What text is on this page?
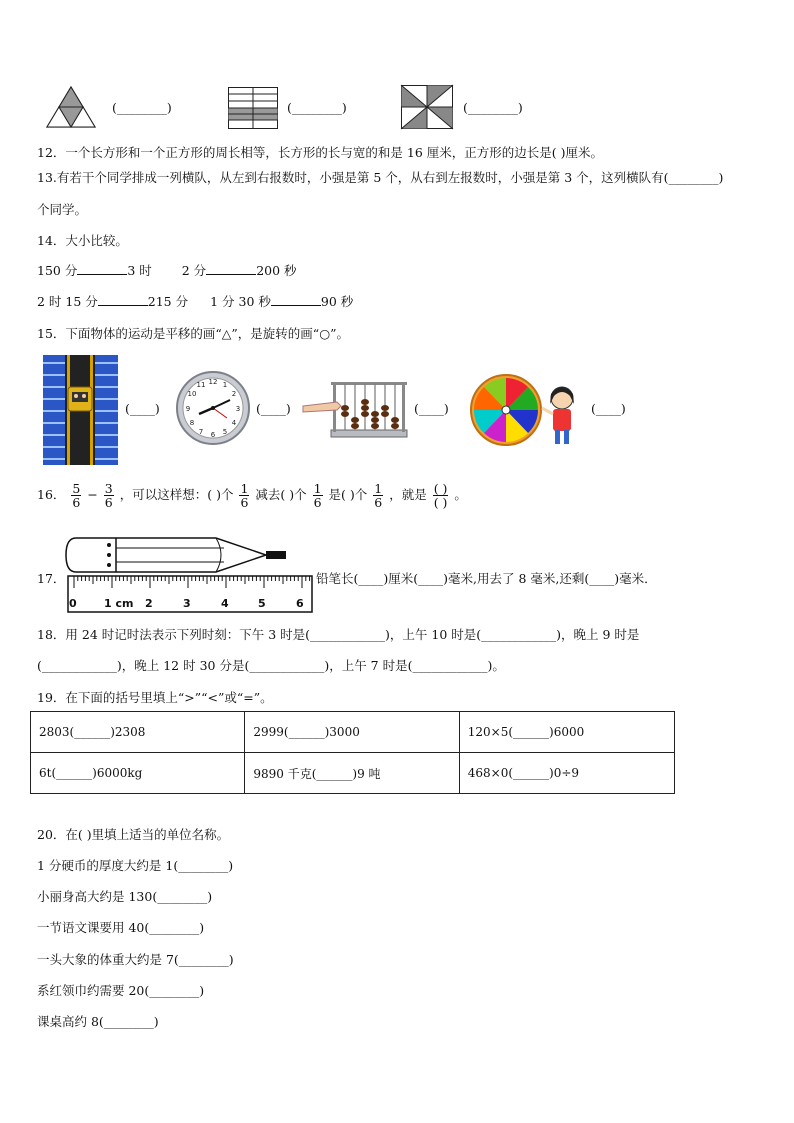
(________)	(________)	(________)
12．一个长方形和一个正方形的周长相等，长方形的长与宽的和是 16 厘米，正方形的边长是( )厘米。
13.有若干个同学排成一列横队，从左到右报数时，小强是第 5 个，从右到左报数时，小强是第 3 个，这列横队有(________)
个同学。
14．大小比较。
150 分	3 时 2 分	200 秒
2 时 15 分	215 分 1 分 30 秒	90 秒
15．下面物体的运动是平移的画“△”，是旋转的画“○”。
(____)
12 1
2
3
4
5
6
7
8
9
10
11
(____)	(____)	(____)
16． $\frac{5}{6} - \frac{3}{6}$ ，可以这样想：( )个 $\frac{1}{6}$ 减去( )个 $\frac{1}{6}$ 是( )个 $\frac{1}{6}$ ，就是 $\frac{( )}{( )}$ 。
17．
0 1 cm 2	3	4	5	6
铅笔长(____)厘米(____)毫米,用去了 8 毫米,还剩(____)毫米．
18．用 24 时记时法表示下列时刻：下午 3 时是(____________)，上午 10 时是(____________)，晚上 9 时是
(____________)，晚上 12 时 30 分是(____________)，上午 7 时是(____________)。
19．在下面的括号里填上“>”“<”或“=”。
2803(______)2308	2999(______)3000	120×5(______)6000
6t(______)6000kg	9890 千克(______)9 吨	468×0(______)0÷9
20．在( )里填上适当的单位名称。
1 分硬币的厚度大约是 1(________)
小丽身高大约是 130(________)
一节语文课要用 40(________)
一头大象的体重大约是 7(________)
系红领巾约需要 20(________)
课桌高约 8(________)
